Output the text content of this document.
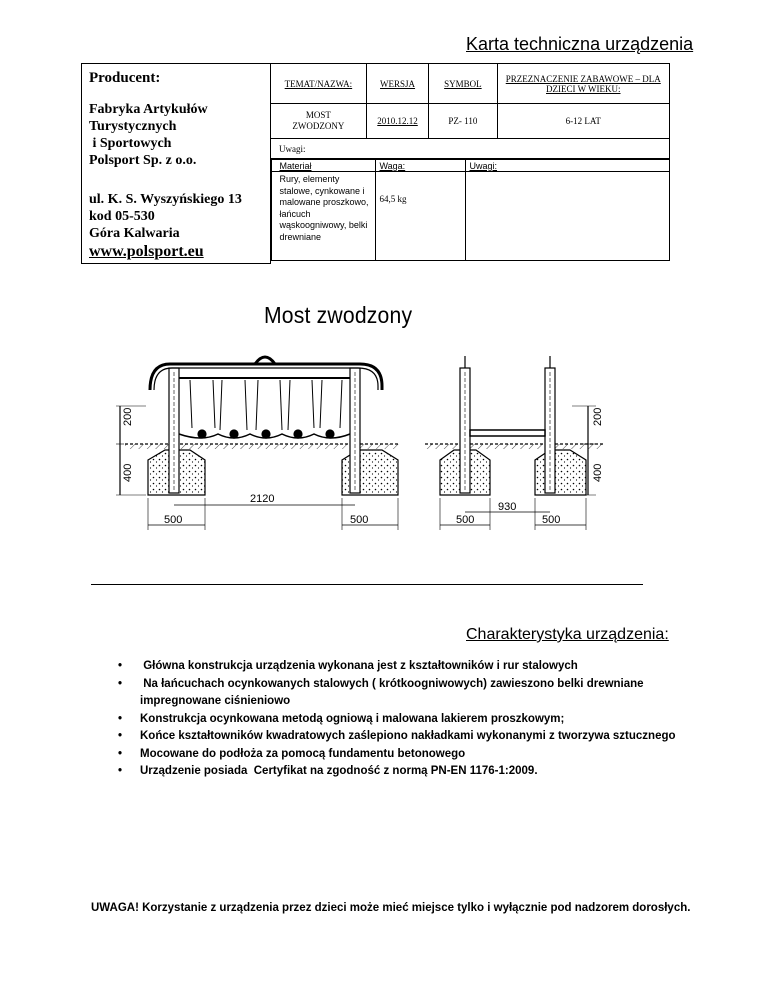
Karta techniczna urządzenia
Producent:
Fabryka Artykułów
Turystycznych
i Sportowych
Polsport Sp. z o.o.
ul. K. S. Wyszyńskiego 13
kod 05-530
Góra Kalwaria
www.polsport.eu
TEMAT/NAZWA:	WERSJA	SYMBOL	PRZEZNACZENIE ZABAWOWE – DLA DZIECI W WIEKU:
MOST ZWODZONY	2010.12.12	PZ- 110	6-12 LAT
Uwagi:

Materiał	Waga:	Uwagi:
Rury, elementy stalowe, cynkowane i malowane proszkowo, łańcuch wąskoogniwowy, belki drewniane	64,5 kg	
Most zwodzony
200
400
2120
500	500
200
400
930
500	500
Charakterystyka urządzenia:
• Główna konstrukcja urządzenia wykonana jest z kształtowników i rur stalowych
• Na łańcuchach ocynkowanych stalowych ( krótkoogniwowych) zawieszono belki drewniane impregnowane ciśnieniowo
• Konstrukcja ocynkowana metodą ogniową i malowana lakierem proszkowym;
• Końce kształtowników kwadratowych zaślepiono nakładkami wykonanymi z tworzywa sztucznego
• Mocowane do podłoża za pomocą fundamentu betonowego
• Urządzenie posiada  Certyfikat na zgodność z normą PN-EN 1176-1:2009.
UWAGA! Korzystanie z urządzenia przez dzieci może mieć miejsce tylko i wyłącznie pod nadzorem dorosłych.
